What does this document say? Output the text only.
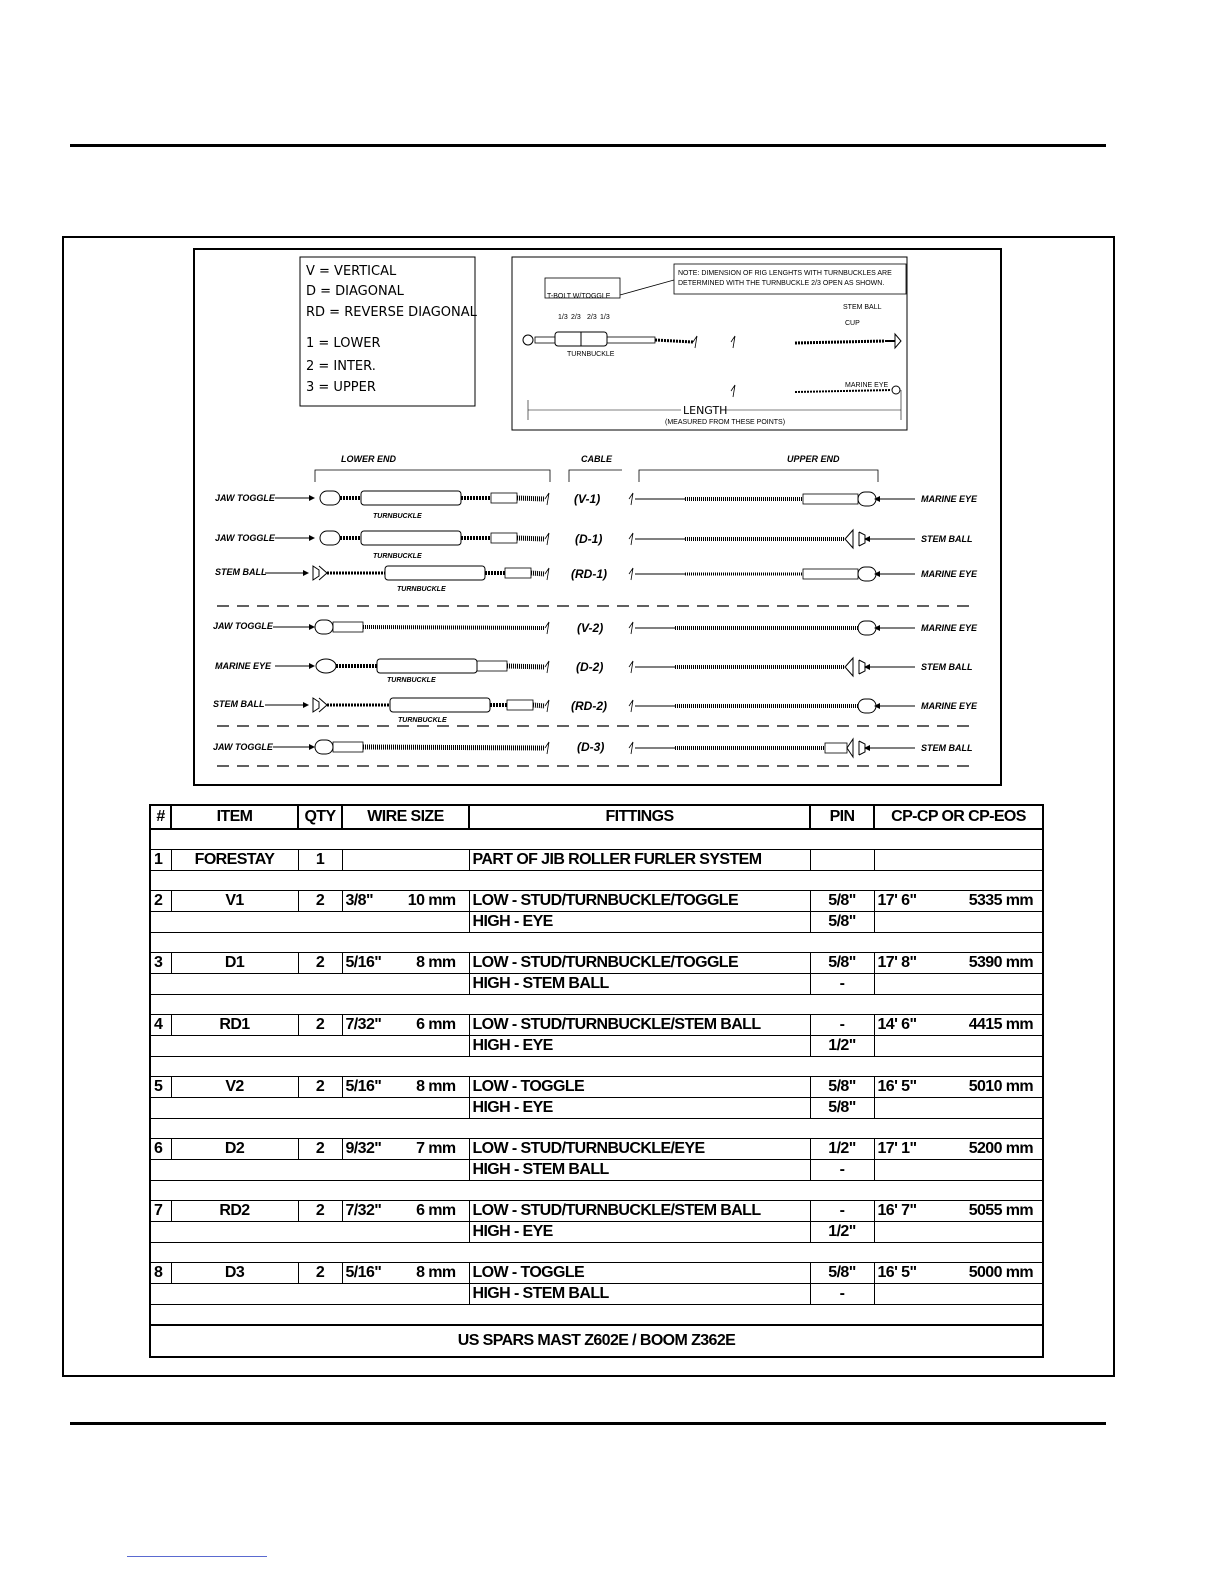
V = VERTICAL
D = DIAGONAL
RD = REVERSE DIAGONAL
1 = LOWER
2 = INTER.
3 = UPPER
NOTE: DIMENSION OF RIG LENGHTS WITH TURNBUCKLES ARE
DETERMINED WITH THE TURNBUCKLE 2/3 OPEN AS SHOWN.
T-BOLT W/TOGGLE
1/3 2/3 2/3 1/3
TURNBUCKLE
STEM BALL
CUP
MARINE EYE
LENGTH
(MEASURED FROM THESE POINTS)
LOWER END	CABLE	UPPER END
JAW TOGGLE
TURNBUCKLE
(V-1)	MARINE EYE
JAW TOGGLE
TURNBUCKLE
(D-1)	STEM BALL
STEM BALL
TURNBUCKLE
(RD-1)	MARINE EYE
JAW TOGGLE	(V-2)	MARINE EYE
MARINE EYE
TURNBUCKLE
(D-2)	STEM BALL
STEM BALL
TURNBUCKLE
(RD-2)	MARINE EYE
JAW TOGGLE	(D-3)	STEM BALL
#	ITEM	QTY	WIRE SIZE	FITTINGS	PIN	CP-CP OR CP-EOS

1	FORESTAY	1		PART OF JIB ROLLER FURLER SYSTEM		

2	V1	2	3/8" 10 mm	LOW - STUD/TURNBUCKLE/TOGGLE	5/8"	17' 6" 5335 mm

				HIGH - EYE	5/8"	

3	D1	2	5/16" 8 mm	LOW - STUD/TURNBUCKLE/TOGGLE	5/8"	17' 8" 5390 mm

				HIGH - STEM BALL	-	

4	RD1	2	7/32" 6 mm	LOW - STUD/TURNBUCKLE/STEM BALL	-	14' 6" 4415 mm

				HIGH - EYE	1/2"	

5	V2	2	5/16" 8 mm	LOW - TOGGLE	5/8"	16' 5" 5010 mm

				HIGH - EYE	5/8"	

6	D2	2	9/32" 7 mm	LOW - STUD/TURNBUCKLE/EYE	1/2"	17' 1" 5200 mm

				HIGH - STEM BALL	-	

7	RD2	2	7/32" 6 mm	LOW - STUD/TURNBUCKLE/STEM BALL	-	16' 7" 5055 mm

				HIGH - EYE	1/2"	

8	D3	2	5/16" 8 mm	LOW - TOGGLE	5/8"	16' 5" 5000 mm

				HIGH - STEM BALL	-	

US SPARS MAST Z602E / BOOM Z362E						
